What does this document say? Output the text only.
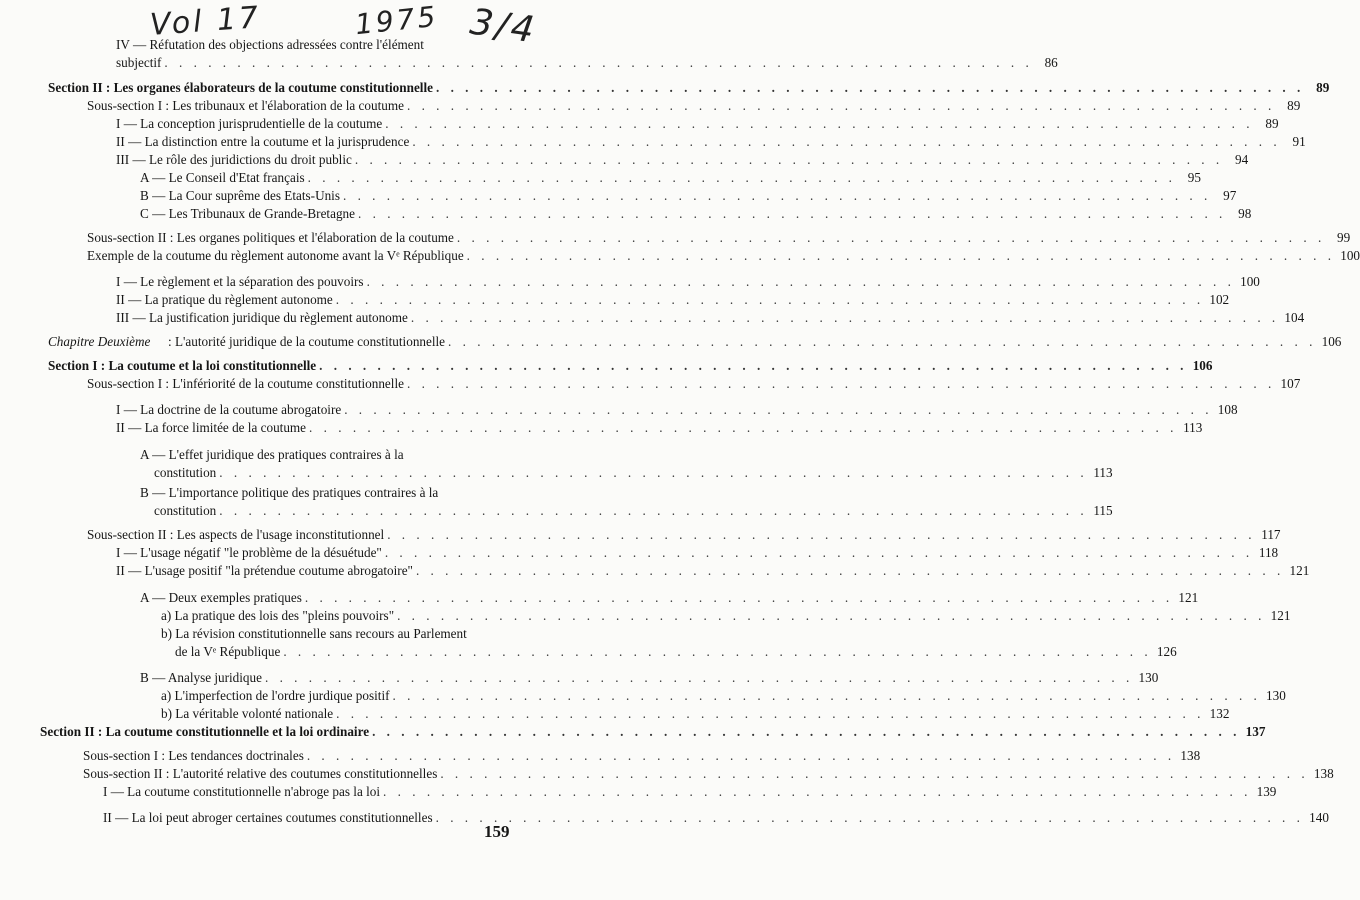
Vol 17	1975 3/4
IV — Réfutation des objections adressées contre l'élément
subjectif . . . . . . . . . . . . . . . . . . . . . . . . . . . . . . . . . . . . . . . . . . . . . . . . . . . . . . . . . . . . 86
Section II : Les organes élaborateurs de la coutume constitutionnelle . . . . . . . . . . . . . . . . . . . . . . . . . . . . . . . . . . . . . . . . . . . . . . . . . . . . . . . . . . . . 89
Sous-section I : Les tribunaux et l'élaboration de la coutume . . . . . . . . . . . . . . . . . . . . . . . . . . . . . . . . . . . . . . . . . . . . . . . . . . . . . . . . . . . . 89
I — La conception jurisprudentielle de la coutume . . . . . . . . . . . . . . . . . . . . . . . . . . . . . . . . . . . . . . . . . . . . . . . . . . . . . . . . . . . . 89
II — La distinction entre la coutume et la jurisprudence . . . . . . . . . . . . . . . . . . . . . . . . . . . . . . . . . . . . . . . . . . . . . . . . . . . . . . . . . . . . 91
III — Le rôle des juridictions du droit public . . . . . . . . . . . . . . . . . . . . . . . . . . . . . . . . . . . . . . . . . . . . . . . . . . . . . . . . . . . . 94
A — Le Conseil d'Etat français . . . . . . . . . . . . . . . . . . . . . . . . . . . . . . . . . . . . . . . . . . . . . . . . . . . . . . . . . . . . 95
B — La Cour suprême des Etats-Unis . . . . . . . . . . . . . . . . . . . . . . . . . . . . . . . . . . . . . . . . . . . . . . . . . . . . . . . . . . . . 97
C — Les Tribunaux de Grande-Bretagne . . . . . . . . . . . . . . . . . . . . . . . . . . . . . . . . . . . . . . . . . . . . . . . . . . . . . . . . . . . . 98
Sous-section II : Les organes politiques et l'élaboration de la coutume . . . . . . . . . . . . . . . . . . . . . . . . . . . . . . . . . . . . . . . . . . . . . . . . . . . . . . . . . . . . 99
Exemple de la coutume du règlement autonome avant la Vᵉ République . . . . . . . . . . . . . . . . . . . . . . . . . . . . . . . . . . . . . . . . . . . . . . . . . . . . . . . . . . . . 100
I — Le règlement et la séparation des pouvoirs . . . . . . . . . . . . . . . . . . . . . . . . . . . . . . . . . . . . . . . . . . . . . . . . . . . . . . . . . . . . 100
II — La pratique du règlement autonome . . . . . . . . . . . . . . . . . . . . . . . . . . . . . . . . . . . . . . . . . . . . . . . . . . . . . . . . . . . . 102
III — La justification juridique du règlement autonome . . . . . . . . . . . . . . . . . . . . . . . . . . . . . . . . . . . . . . . . . . . . . . . . . . . . . . . . . . . . 104
Chapitre Deuxième : L'autorité juridique de la coutume constitutionnelle . . . . . . . . . . . . . . . . . . . . . . . . . . . . . . . . . . . . . . . . . . . . . . . . . . . . . . . . . . . . 106
Section I : La coutume et la loi constitutionnelle . . . . . . . . . . . . . . . . . . . . . . . . . . . . . . . . . . . . . . . . . . . . . . . . . . . . . . . . . . . . 106
Sous-section I : L'infériorité de la coutume constitutionnelle . . . . . . . . . . . . . . . . . . . . . . . . . . . . . . . . . . . . . . . . . . . . . . . . . . . . . . . . . . . . 107
I — La doctrine de la coutume abrogatoire . . . . . . . . . . . . . . . . . . . . . . . . . . . . . . . . . . . . . . . . . . . . . . . . . . . . . . . . . . . . 108
II — La force limitée de la coutume . . . . . . . . . . . . . . . . . . . . . . . . . . . . . . . . . . . . . . . . . . . . . . . . . . . . . . . . . . . . 113
A — L'effet juridique des pratiques contraires à la
constitution . . . . . . . . . . . . . . . . . . . . . . . . . . . . . . . . . . . . . . . . . . . . . . . . . . . . . . . . . . . . 113
B — L'importance politique des pratiques contraires à la
constitution . . . . . . . . . . . . . . . . . . . . . . . . . . . . . . . . . . . . . . . . . . . . . . . . . . . . . . . . . . . . 115
Sous-section II : Les aspects de l'usage inconstitutionnel . . . . . . . . . . . . . . . . . . . . . . . . . . . . . . . . . . . . . . . . . . . . . . . . . . . . . . . . . . . . 117
I — L'usage négatif "le problème de la désuétude" . . . . . . . . . . . . . . . . . . . . . . . . . . . . . . . . . . . . . . . . . . . . . . . . . . . . . . . . . . . . 118
II — L'usage positif "la prétendue coutume abrogatoire" . . . . . . . . . . . . . . . . . . . . . . . . . . . . . . . . . . . . . . . . . . . . . . . . . . . . . . . . . . . . 121
A — Deux exemples pratiques . . . . . . . . . . . . . . . . . . . . . . . . . . . . . . . . . . . . . . . . . . . . . . . . . . . . . . . . . . . . 121
a) La pratique des lois des "pleins pouvoirs" . . . . . . . . . . . . . . . . . . . . . . . . . . . . . . . . . . . . . . . . . . . . . . . . . . . . . . . . . . . . 121
b) La révision constitutionnelle sans recours au Parlement
de la Vᵉ République . . . . . . . . . . . . . . . . . . . . . . . . . . . . . . . . . . . . . . . . . . . . . . . . . . . . . . . . . . . . 126
B — Analyse juridique . . . . . . . . . . . . . . . . . . . . . . . . . . . . . . . . . . . . . . . . . . . . . . . . . . . . . . . . . . . . 130
a) L'imperfection de l'ordre jurdique positif . . . . . . . . . . . . . . . . . . . . . . . . . . . . . . . . . . . . . . . . . . . . . . . . . . . . . . . . . . . . 130
b) La véritable volonté nationale . . . . . . . . . . . . . . . . . . . . . . . . . . . . . . . . . . . . . . . . . . . . . . . . . . . . . . . . . . . . 132
Section II : La coutume constitutionnelle et la loi ordinaire . . . . . . . . . . . . . . . . . . . . . . . . . . . . . . . . . . . . . . . . . . . . . . . . . . . . . . . . . . . . 137
Sous-section I : Les tendances doctrinales . . . . . . . . . . . . . . . . . . . . . . . . . . . . . . . . . . . . . . . . . . . . . . . . . . . . . . . . . . . . 138
Sous-section II : L'autorité relative des coutumes constitutionnelles . . . . . . . . . . . . . . . . . . . . . . . . . . . . . . . . . . . . . . . . . . . . . . . . . . . . . . . . . . . . 138
I — La coutume constitutionnelle n'abroge pas la loi . . . . . . . . . . . . . . . . . . . . . . . . . . . . . . . . . . . . . . . . . . . . . . . . . . . . . . . . . . . . 139
II — La loi peut abroger certaines coutumes constitutionnelles . . . . . . . . . . . . . . . . . . . . . . . . . . . . . . . . . . . . . . . . . . . . . . . . . . . . . . . . . . . . 140
159
